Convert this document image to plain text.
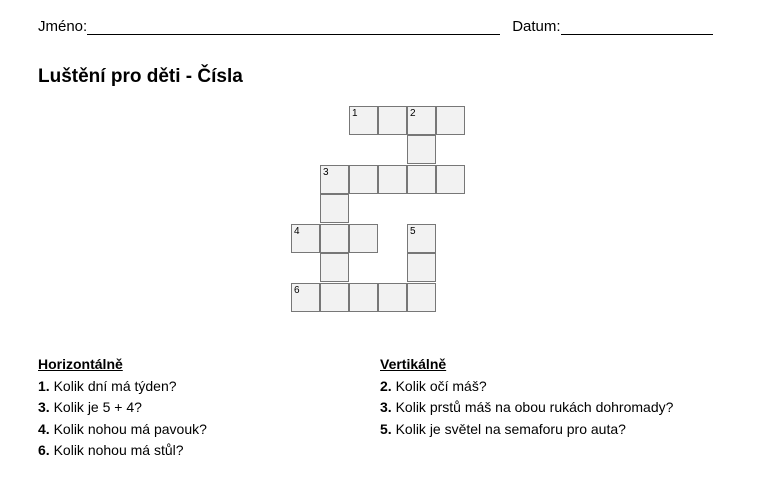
Jméno:	Datum:
Luštění pro děti - Čísla
1	2
3
4	5
6
Horizontálně
1. Kolik dní má týden?
3. Kolik je 5 + 4?
4. Kolik nohou má pavouk?
6. Kolik nohou má stůl?
Vertikálně
2. Kolik očí máš?
3. Kolik prstů máš na obou rukách dohromady?
5. Kolik je světel na semaforu pro auta?
